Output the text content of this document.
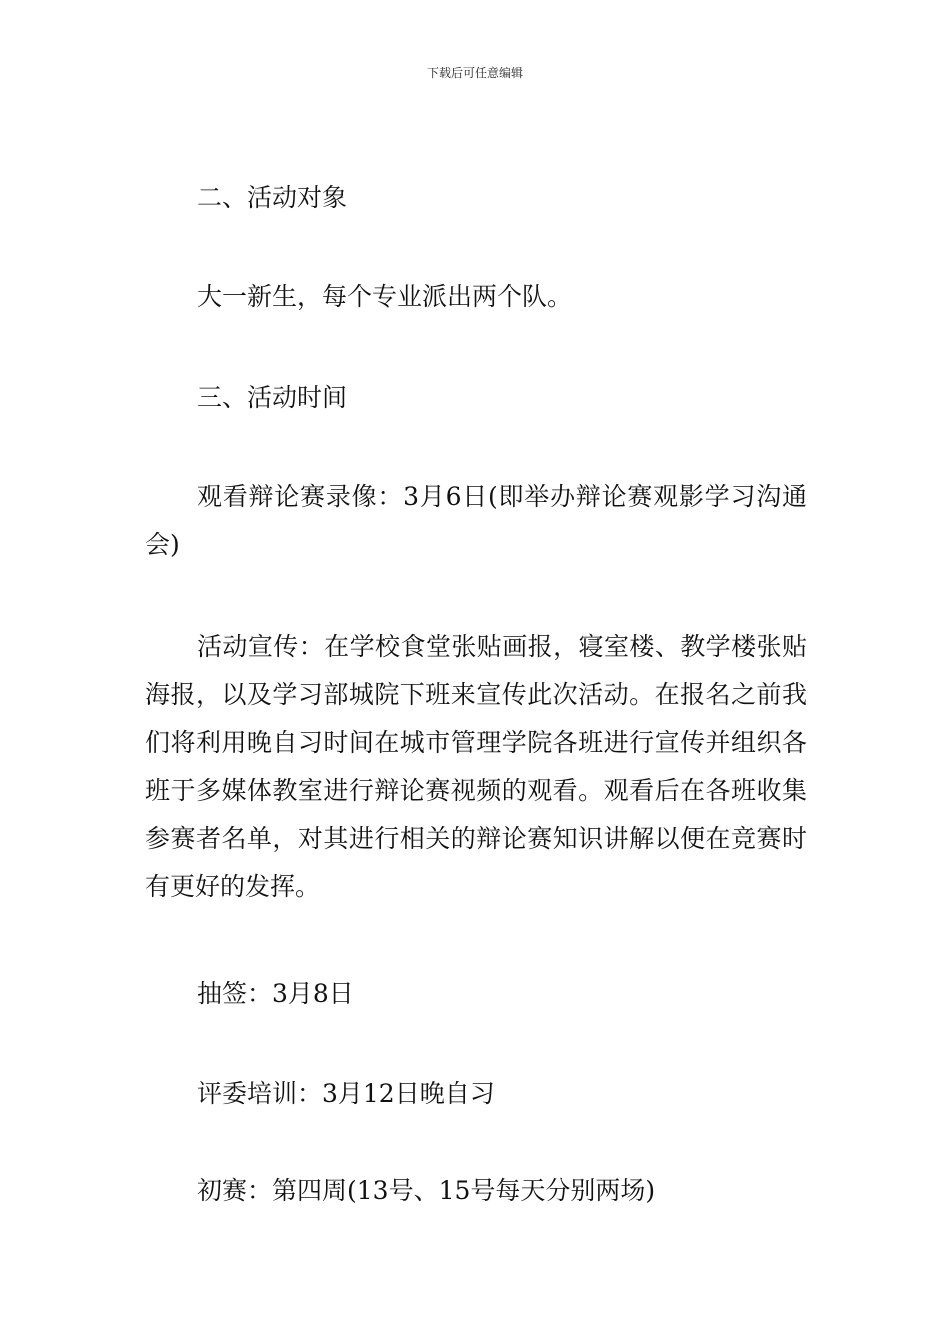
下载后可任意编辑

二、活动对象

大一新生，每个专业派出两个队。

三、活动时间

观看辩论赛录像：3月6日(即举办辩论赛观影学习沟通会)

活动宣传：在学校食堂张贴画报，寝室楼、教学楼张贴海报，以及学习部城院下班来宣传此次活动。在报名之前我们将利用晚自习时间在城市管理学院各班进行宣传并组织各班于多媒体教室进行辩论赛视频的观看。观看后在各班收集参赛者名单，对其进行相关的辩论赛知识讲解以便在竞赛时有更好的发挥。

抽签：3月8日

评委培训：3月12日晚自习

初赛：第四周(13号、15号每天分别两场)
